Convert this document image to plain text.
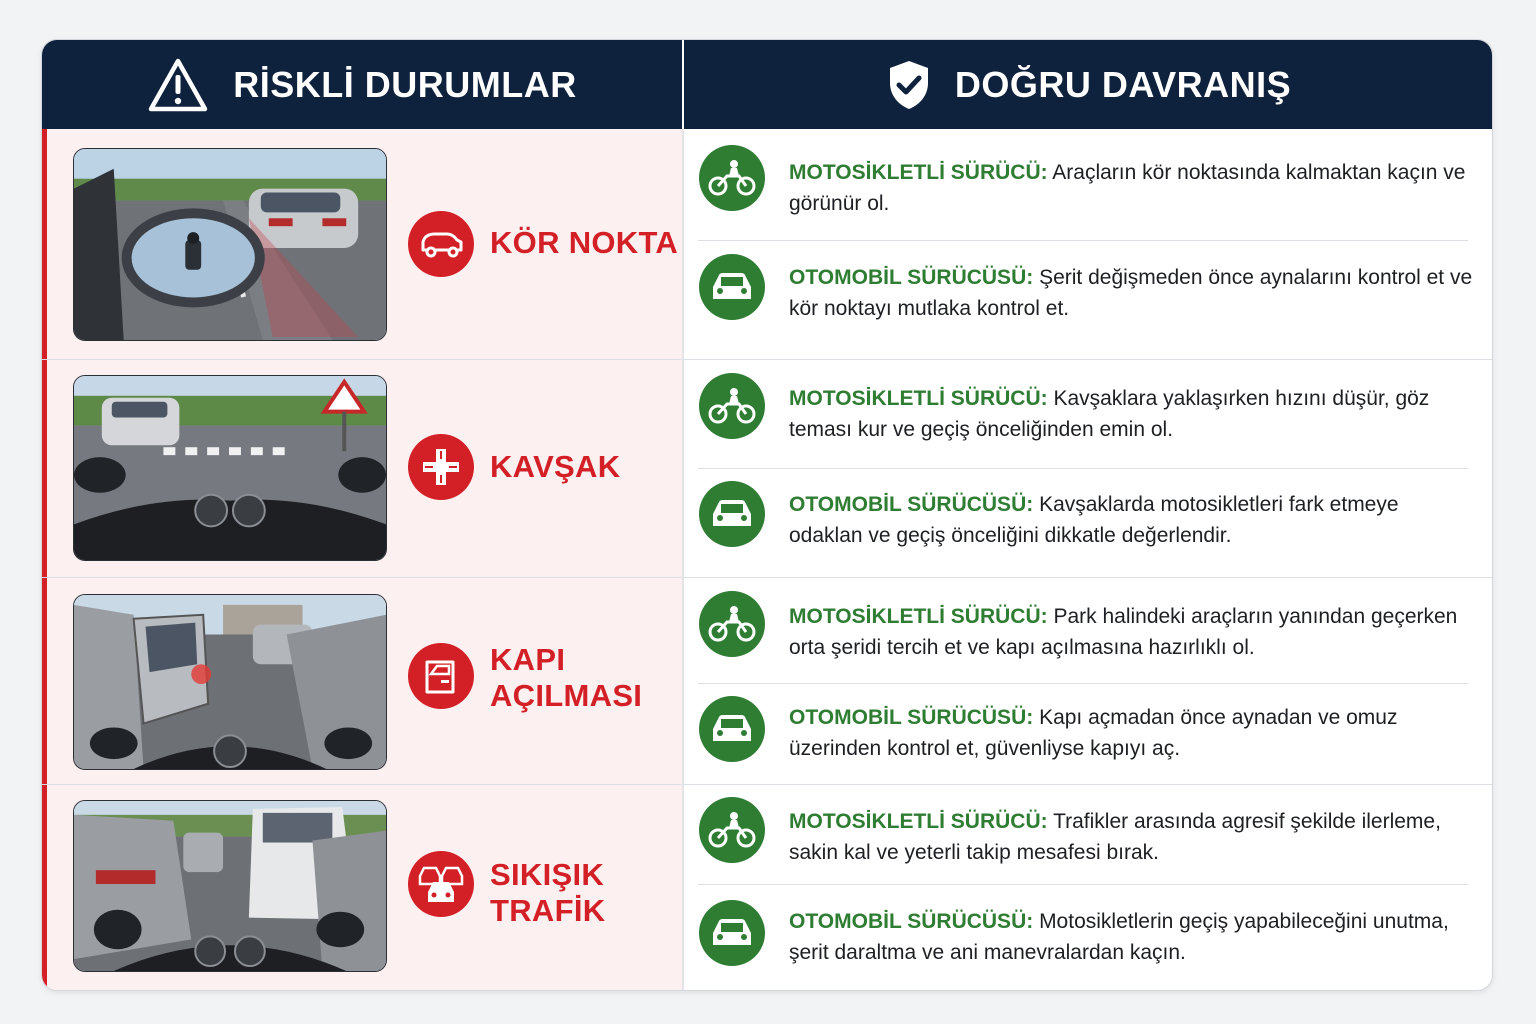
RİSKLİ DURUMLAR	DOĞRU DAVRANIŞ
KÖR NOKTA
MOTOSİKLETLİ SÜRÜCÜ: Araçların kör noktasında kalmaktan kaçın ve görünür ol.
OTOMOBİL SÜRÜCÜSÜ: Şerit değişmeden önce aynalarını kontrol et ve kör noktayı mutlaka kontrol et.
KAVŞAK
MOTOSİKLETLİ SÜRÜCÜ: Kavşaklara yaklaşırken hızını düşür, göz teması kur ve geçiş önceliğinden emin ol.
OTOMOBİL SÜRÜCÜSÜ: Kavşaklarda motosikletleri fark etmeye odaklan ve geçiş önceliğini dikkatle değerlendir.
KAPI
AÇILMASI
MOTOSİKLETLİ SÜRÜCÜ: Park halindeki araçların yanından geçerken orta şeridi tercih et ve kapı açılmasına hazırlıklı ol.
OTOMOBİL SÜRÜCÜSÜ: Kapı açmadan önce aynadan ve omuz üzerinden kontrol et, güvenliyse kapıyı aç.
SIKIŞIK
TRAFİK
MOTOSİKLETLİ SÜRÜCÜ: Trafikler arasında agresif şekilde ilerleme, sakin kal ve yeterli takip mesafesi bırak.
OTOMOBİL SÜRÜCÜSÜ: Motosikletlerin geçiş yapabileceğini unutma, şerit daraltma ve ani manevralardan kaçın.
